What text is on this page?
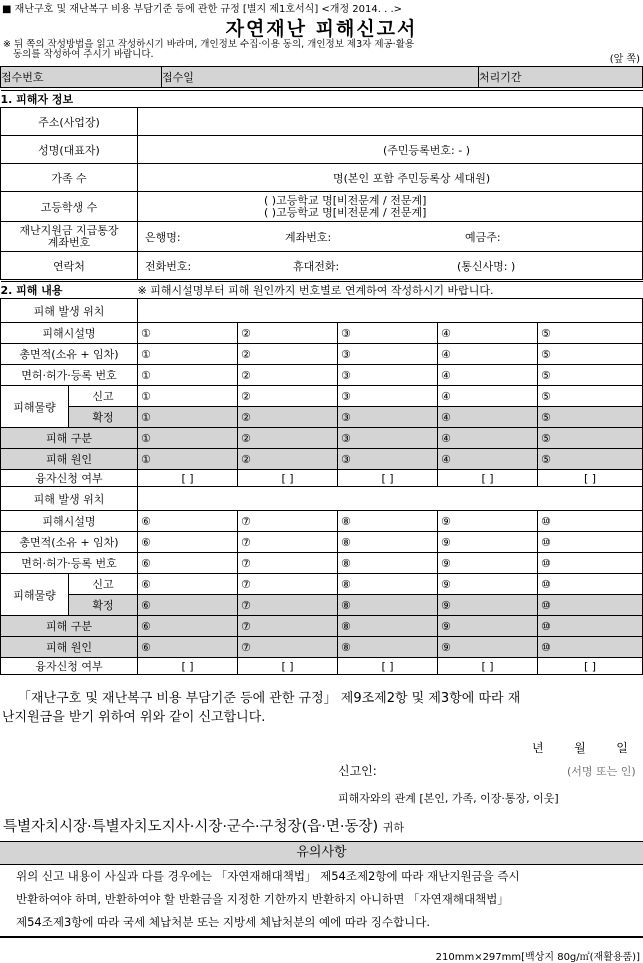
■ 재난구호 및 재난복구 비용 부담기준 등에 관한 규정 [별지 제1호서식] <개정 2014. . .>
자연재난 피해신고서
※ 뒤 쪽의 작성방법을 읽고 작성하시기 바라며, 개인정보 수집·이용 동의, 개인정보 제3자 제공·활용
동의를 작성하여 주시기 바랍니다.	(앞 쪽)
접수번호	접수일	처리기간
1. 피해자 정보	
주소(사업장)	
성명(대표자)	(주민등록번호: - )
가족 수	명(본인 포함 주민등록상 세대원)
고등학생 수	( )고등학교 명[비전문계 / 전문계]
( )고등학교 명[비전문계 / 전문계]

재난지원금 지급통장
계좌번호	은행명: 계좌번호: 예금주:
연락처	전화번호: 휴대전화: (통신사명: )
2. 피해 내용		※ 피해시설명부터 피해 원인까지 번호별로 연계하여 작성하시기 바랍니다.				
피해 발생 위치						
피해시설명		①	②	③	④	⑤
총면적(소유 + 임차)		①	②	③	④	⑤
면허·허가·등록 번호		①	②	③	④	⑤
피해물량	신고	①	②	③	④	⑤
	확정	①	②	③	④	⑤
피해 구분		①	②	③	④	⑤
피해 원인		①	②	③	④	⑤
융자신청 여부		[ ]	[ ]	[ ]	[ ]	[ ]
피해 발생 위치						
피해시설명		⑥	⑦	⑧	⑨	⑩
총면적(소유 + 임차)		⑥	⑦	⑧	⑨	⑩
면허·허가·등록 번호		⑥	⑦	⑧	⑨	⑩
피해물량	신고	⑥	⑦	⑧	⑨	⑩
	확정	⑥	⑦	⑧	⑨	⑩
피해 구분		⑥	⑦	⑧	⑨	⑩
피해 원인		⑥	⑦	⑧	⑨	⑩
융자신청 여부		[ ]	[ ]	[ ]	[ ]	[ ]
「재난구호 및 재난복구 비용 부담기준 등에 관한 규정」 제9조제2항 및 제3항에 따라 재
난지원금을 받기 위하여 위와 같이 신고합니다.
년        월        일
신고인:	(서명 또는 인)
피해자와의 관계 [본인, 가족, 이장·통장, 이웃]
특별자치시장·특별자치도지사·시장·군수·구청장(읍·면·동장) 귀하
유의사항
위의 신고 내용이 사실과 다를 경우에는 「자연재해대책법」 제54조제2항에 따라 재난지원금을 즉시
반환하여야 하며, 반환하여야 할 반환금을 지정한 기한까지 반환하지 아니하면 「자연재해대책법」
제54조제3항에 따라 국세 체납처분 또는 지방세 체납처분의 예에 따라 징수합니다.
210mm×297mm[백상지 80g/㎡(재활용품)]
